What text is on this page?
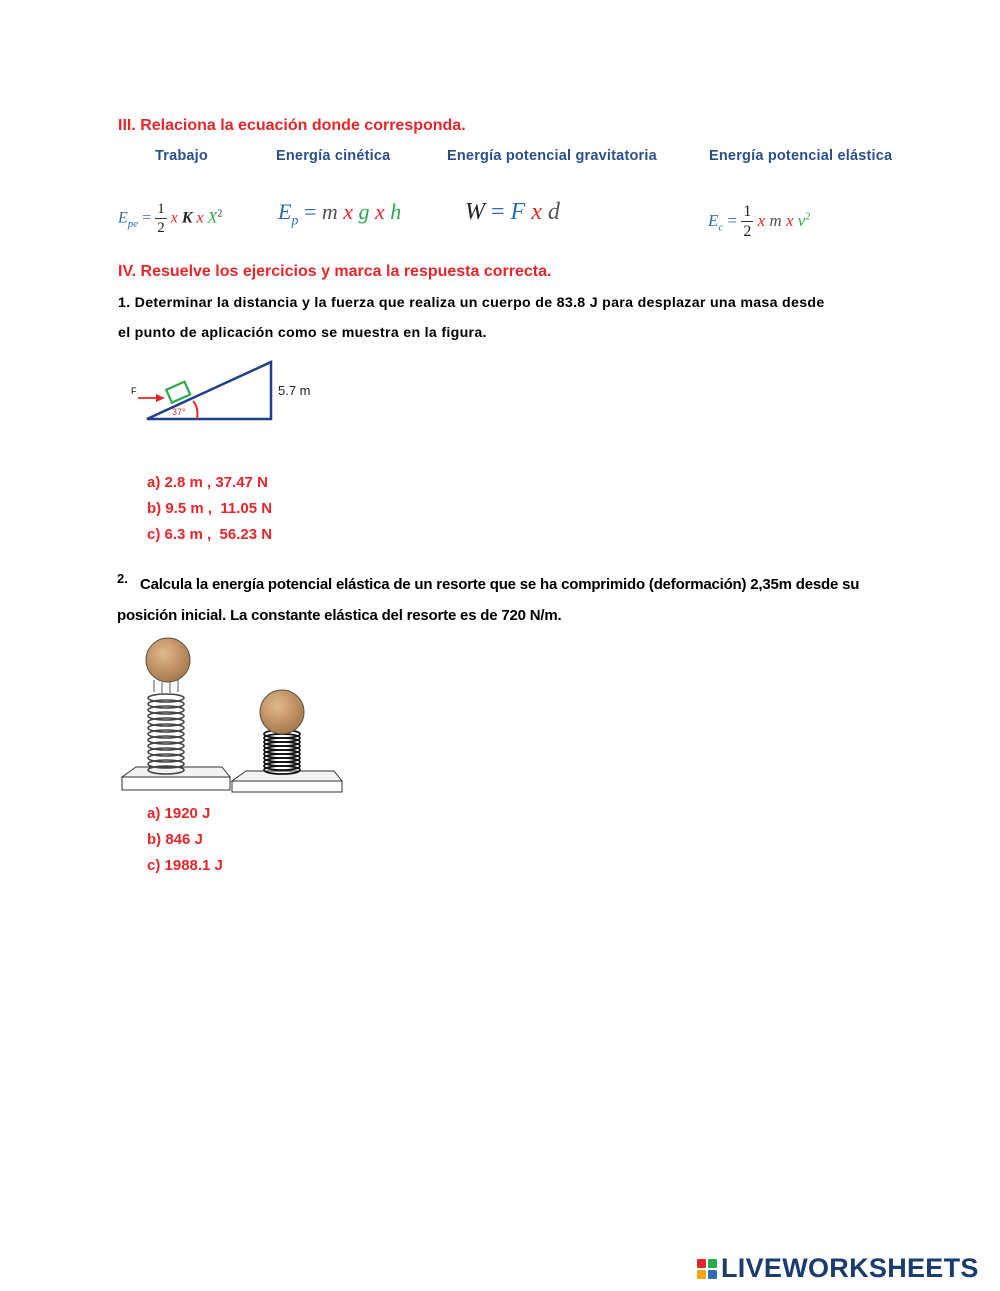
III. Relaciona la ecuación donde corresponda.
Trabajo	Energía cinética	Energía potencial gravitatoria	Energía potencial elástica
$E_{pe} = \frac{1}{2}$ x K x $X^2$	$E_p = m$ x g x h	W = F x d	$E_c = \frac{1}{2}$ x m x $v^2$
IV. Resuelve los ejercicios y marca la respuesta correcta.
1. Determinar la distancia y la fuerza que realiza un cuerpo de 83.8 J para desplazar una masa desde
el punto de aplicación como se muestra en la figura.
F
37°
5.7 m
a) 2.8 m , 37.47 N
b) 9.5 m ,  11.05 N
c) 6.3 m ,  56.23 N
2. Calcula la energía potencial elástica de un resorte que se ha comprimido (deformación) 2,35m desde su
posición inicial. La constante elástica del resorte es de 720 N/m.
a) 1920 J
b) 846 J
c) 1988.1 J
LIVEWORKSHEETS
